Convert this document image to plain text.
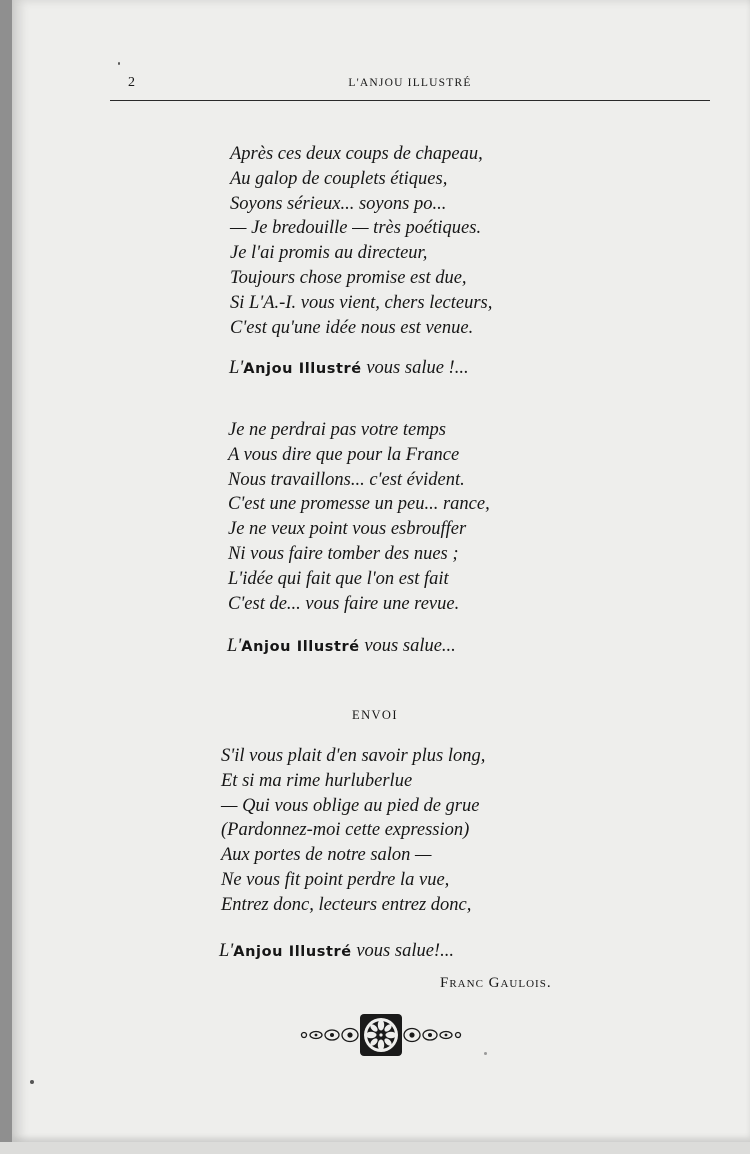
2	L'ANJOU ILLUSTRÉ
Après ces deux coups de chapeau,
Au galop de couplets étiques,
Soyons sérieux... soyons po...
— Je bredouille — très poétiques.
Je l'ai promis au directeur,
Toujours chose promise est due,
Si L'A.-I. vous vient, chers lecteurs,
C'est qu'une idée nous est venue.
L'Anjou Illustré vous salue !...
Je ne perdrai pas votre temps
A vous dire que pour la France
Nous travaillons... c'est évident.
C'est une promesse un peu... rance,
Je ne veux point vous esbrouffer
Ni vous faire tomber des nues ;
L'idée qui fait que l'on est fait
C'est de... vous faire une revue.
L'Anjou Illustré vous salue...
ENVOI
S'il vous plait d'en savoir plus long,
Et si ma rime hurluberlue
— Qui vous oblige au pied de grue
(Pardonnez-moi cette expression)
Aux portes de notre salon —
Ne vous fit point perdre la vue,
Entrez donc, lecteurs entrez donc,
L'Anjou Illustré vous salue!...
Franc Gaulois.
